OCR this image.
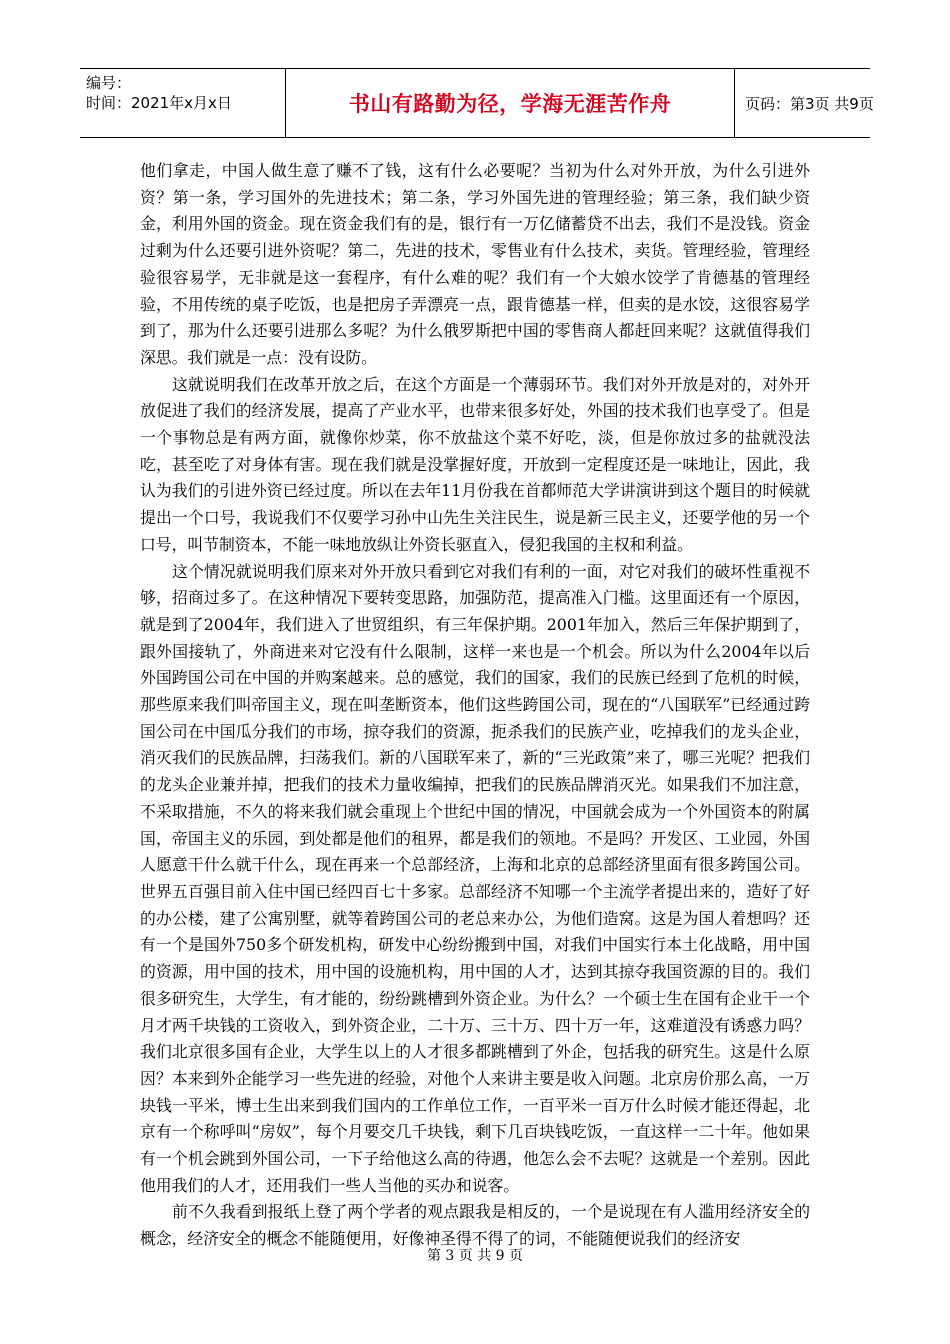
编号：
时间：2021年x月x日	书山有路勤为径，学海无涯苦作舟	页码：第3页 共9页

他们拿走，中国人做生意了赚不了钱，这有什么必要呢？当初为什么对外开放，为什么引进外资？第一条，学习国外的先进技术；第二条，学习外国先进的管理经验；第三条，我们缺少资金，利用外国的资金。现在资金我们有的是，银行有一万亿储蓄贷不出去，我们不是没钱。资金过剩为什么还要引进外资呢？第二，先进的技术，零售业有什么技术，卖货。管理经验，管理经验很容易学，无非就是这一套程序，有什么难的呢？我们有一个大娘水饺学了肯德基的管理经验，不用传统的桌子吃饭，也是把房子弄漂亮一点，跟肯德基一样，但卖的是水饺，这很容易学到了，那为什么还要引进那么多呢？为什么俄罗斯把中国的零售商人都赶回来呢？这就值得我们深思。我们就是一点：没有设防。

这就说明我们在改革开放之后，在这个方面是一个薄弱环节。我们对外开放是对的，对外开放促进了我们的经济发展，提高了产业水平，也带来很多好处，外国的技术我们也享受了。但是一个事物总是有两方面，就像你炒菜，你不放盐这个菜不好吃，淡，但是你放过多的盐就没法吃，甚至吃了对身体有害。现在我们就是没掌握好度，开放到一定程度还是一味地让，因此，我认为我们的引进外资已经过度。所以在去年11月份我在首都师范大学讲演讲到这个题目的时候就提出一个口号，我说我们不仅要学习孙中山先生关注民生，说是新三民主义，还要学他的另一个口号，叫节制资本，不能一味地放纵让外资长驱直入，侵犯我国的主权和利益。

这个情况就说明我们原来对外开放只看到它对我们有利的一面，对它对我们的破坏性重视不够，招商过多了。在这种情况下要转变思路，加强防范，提高准入门槛。这里面还有一个原因，就是到了2004年，我们进入了世贸组织，有三年保护期。2001年加入，然后三年保护期到了，跟外国接轨了，外商进来对它没有什么限制，这样一来也是一个机会。所以为什么2004年以后外国跨国公司在中国的并购案越来。总的感觉，我们的国家，我们的民族已经到了危机的时候，那些原来我们叫帝国主义，现在叫垄断资本，他们这些跨国公司，现在的“八国联军”已经通过跨国公司在中国瓜分我们的市场，掠夺我们的资源，扼杀我们的民族产业，吃掉我们的龙头企业，消灭我们的民族品牌，扫荡我们。新的八国联军来了，新的“三光政策”来了，哪三光呢？把我们的龙头企业兼并掉，把我们的技术力量收编掉，把我们的民族品牌消灭光。如果我们不加注意，不采取措施，不久的将来我们就会重现上个世纪中国的情况，中国就会成为一个外国资本的附属国，帝国主义的乐园，到处都是他们的租界，都是我们的领地。不是吗？开发区、工业园，外国人愿意干什么就干什么，现在再来一个总部经济，上海和北京的总部经济里面有很多跨国公司。世界五百强目前入住中国已经四百七十多家。总部经济不知哪一个主流学者提出来的，造好了好的办公楼，建了公寓别墅，就等着跨国公司的老总来办公，为他们造窝。这是为国人着想吗？还有一个是国外750多个研发机构，研发中心纷纷搬到中国，对我们中国实行本土化战略，用中国的资源，用中国的技术，用中国的设施机构，用中国的人才，达到其掠夺我国资源的目的。我们很多研究生，大学生，有才能的，纷纷跳槽到外资企业。为什么？一个硕士生在国有企业干一个月才两千块钱的工资收入，到外资企业，二十万、三十万、四十万一年，这难道没有诱惑力吗？我们北京很多国有企业，大学生以上的人才很多都跳槽到了外企，包括我的研究生。这是什么原因？本来到外企能学习一些先进的经验，对他个人来讲主要是收入问题。北京房价那么高，一万块钱一平米，博士生出来到我们国内的工作单位工作，一百平米一百万什么时候才能还得起，北京有一个称呼叫“房奴”，每个月要交几千块钱，剩下几百块钱吃饭，一直这样一二十年。他如果有一个机会跳到外国公司，一下子给他这么高的待遇，他怎么会不去呢？这就是一个差别。因此他用我们的人才，还用我们一些人当他的买办和说客。

前不久我看到报纸上登了两个学者的观点跟我是相反的，一个是说现在有人滥用经济安全的概念，经济安全的概念不能随便用，好像神圣得不得了的词，不能随便说我们的经济安

第 3 页 共 9 页
